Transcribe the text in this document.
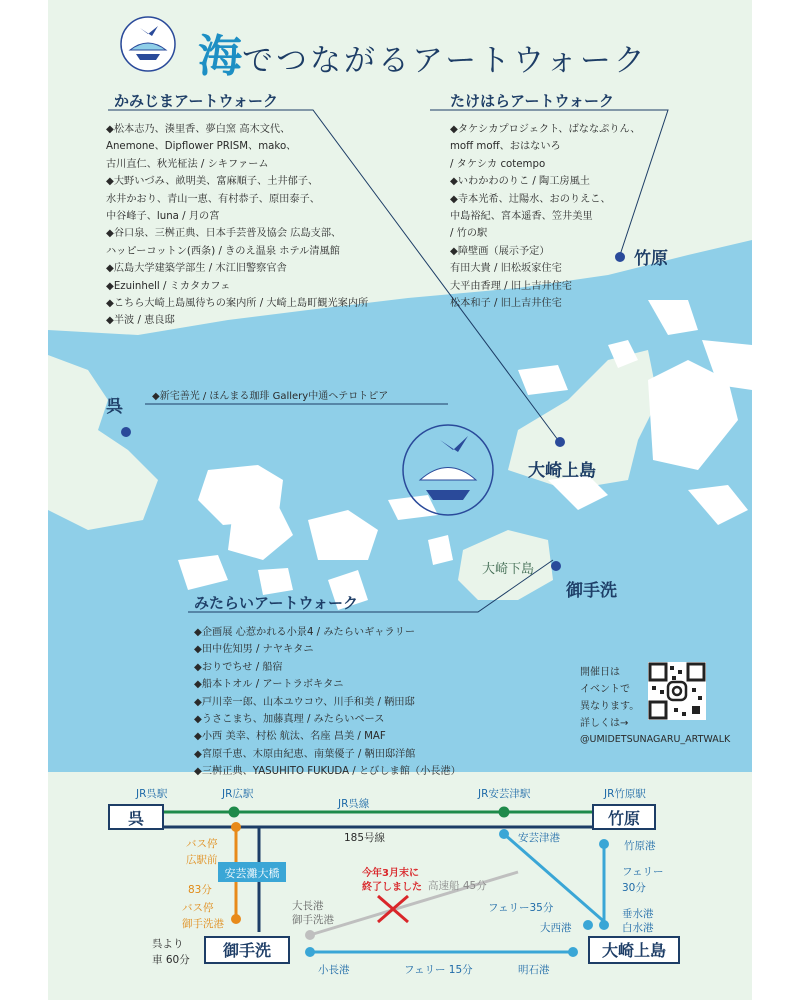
海でつながるアートウォーク
かみじまアートウォーク
◆松本志乃、湊里香、夢白窯 高木文代、
Anemone、Dipflower PRISM、mako、
古川直仁、秋光柾法 / シキファーム
◆大野いづみ、畝明美、富麻順子、土井郁子、
水井かおり、青山一恵、有村恭子、原田泰子、
中谷峰子、luna / 月の宮
◆谷口泉、三桝正典、日本手芸普及協会 広島支部、
ハッピーコットン(西条) / きのえ温泉 ホテル清風館
◆広島大学建築学部生 / 木江旧警察官舎
◆Ezuinhell / ミカタカフェ
◆こちら大崎上島風待ちの案内所 / 大崎上島町観光案内所
◆半波 / 恵良邸
たけはらアートウォーク
◆タケシカプロジェクト、ばななぷりん、
moff moff、おはないろ
/ タケシカ cotempo
◆いわかわのりこ / 陶工房風土
◆寺本光希、辻陽水、おのりえこ、
中島裕紀、宮本遥香、笠井美里
/ 竹の駅
◆障壁画（展示予定）
有田大貴 / 旧松坂家住宅
大平由香理 / 旧上吉井住宅
松本和子 / 旧上吉井住宅
竹原
呉
◆新宅善光 / ほんまる珈琲 Gallery中通ヘテロトピア
大崎上島
大崎下島
御手洗
みたらいアートウォーク
◆企画展 心惹かれる小景4 / みたらいギャラリー
◆田中佐知男 / ナヤキタニ
◆おりでちせ / 船宿
◆船本トオル / アートラボキタニ
◆戸川幸一郎、山本ユウコウ、川手和美 / 鞆田邸
◆うさこまち、加藤真理 / みたらいベース
◆小西 美幸、村松 航汰、名座 昌美 / MAF
◆宮原千恵、木原由紀恵、南葉優子 / 鞆田邸洋館
◆三桝正典、YASUHITO FUKUDA / とびしま館（小長港）
開催日は
イベントで
異なります。
詳しくは→
@UMIDETSUNAGARU_ARTWALK
JR呉駅	JR広駅	JR安芸津駅	JR竹原駅
JR呉線
185号線
呉	竹原
御手洗	大崎上島
バス停
広駅前
83分
バス停
御手洗港
安芸灘大橋
呉より
車 60分
安芸津港
竹原港
フェリー
30分
垂水港
白水港
フェリー35分
大西港
大長港
御手洗港
高速船 45分
今年3月末に
終了しました
小長港	フェリー 15分	明石港
